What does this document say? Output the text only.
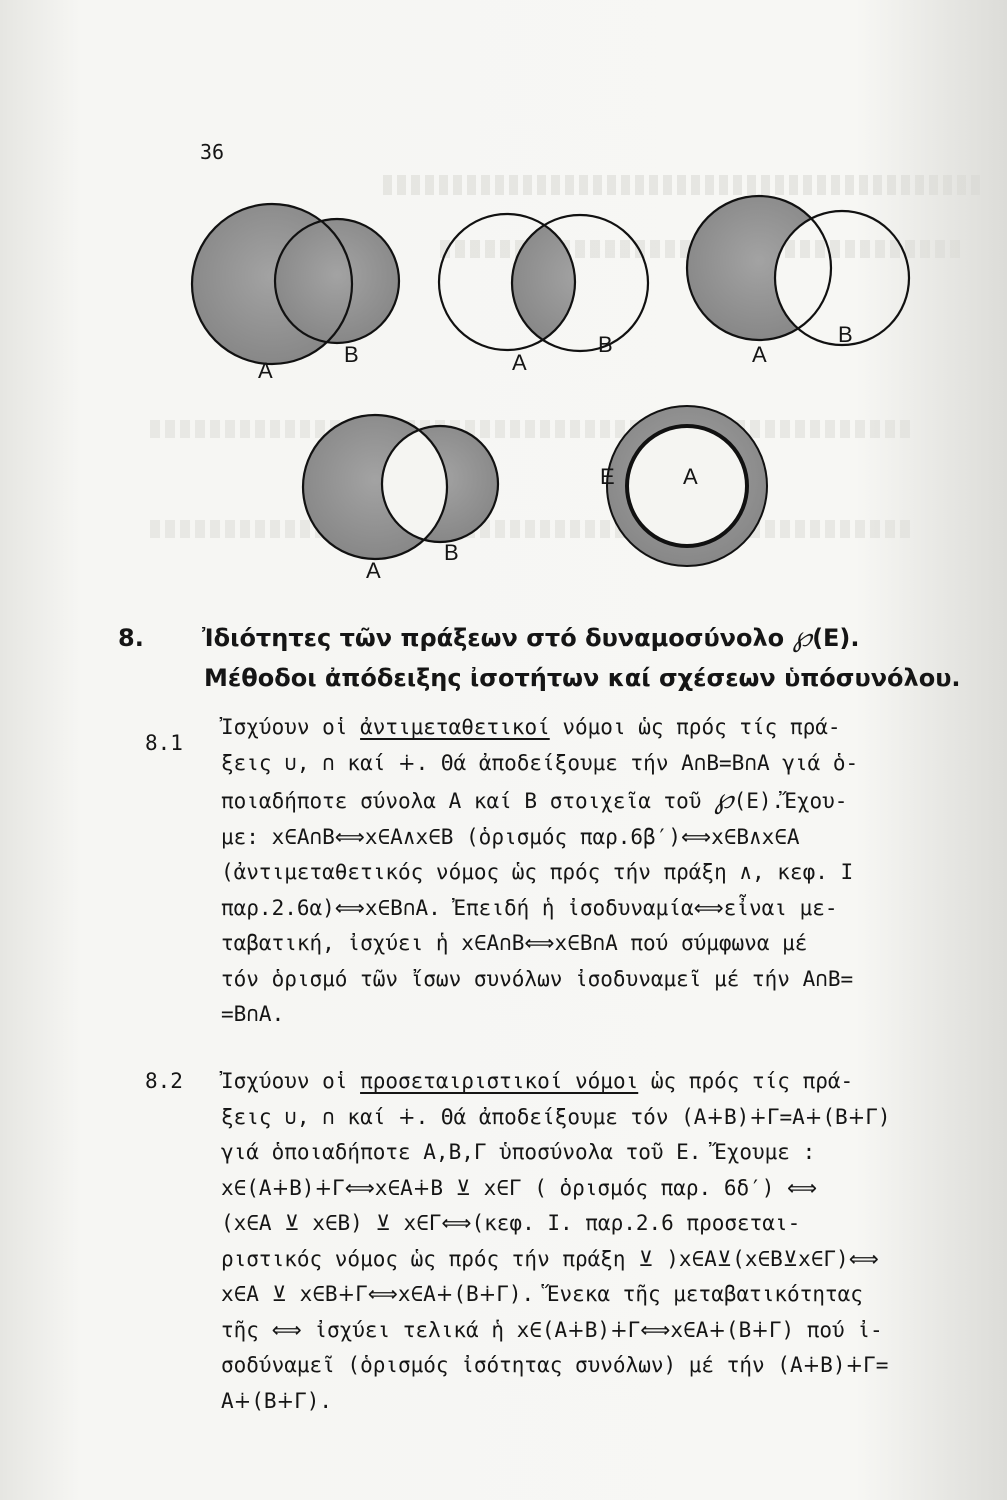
36
A
B	A
B	A
B
A
B
E	A
8. Ἰδιότητες τῶν πράξεων στό δυναμοσύνολο ℘(Ε).
Μέθοδοι ἀπόδειξης ἰσοτήτων καί σχέσεων ὑπόσυνόλου.
8.1
Ἰσχύουν οἱ ἀντιμεταθετικοί νόμοι ὡς πρός τίς πρά-
ξεις ∪, ∩ καί ∔. Θά ἀποδείξουμε τήν Α∩Β=Β∩Α γιά ὁ-
ποιαδήποτε σύνολα Α καί Β στοιχεῖα τοῦ ℘(Ε).Ἔχου-
με: x∈Α∩Β⟺x∈Α∧x∈Β (ὁρισμός παρ.6β′)⟺x∈Β∧x∈Α
(ἀντιμεταθετικός νόμος ὡς πρός τήν πράξη ∧, κεφ. Ι
παρ.2.6α)⟺x∈Β∩Α. Ἐπειδή ἡ ἰσοδυναμία⟺εἶναι με-
ταβατική, ἰσχύει ἡ x∈Α∩Β⟺x∈Β∩Α πού σύμφωνα μέ
τόν ὁρισμό τῶν ἴσων συνόλων ἰσοδυναμεῖ μέ τήν Α∩Β=
=Β∩Α.
8.2	Ἰσχύουν οἱ προσεταιριστικοί νόμοι ὡς πρός τίς πρά-
ξεις ∪, ∩ καί ∔. Θά ἀποδείξουμε τόν (Α∔Β)∔Γ=Α∔(Β∔Γ)
γιά ὁποιαδήποτε Α,Β,Γ ὑποσύνολα τοῦ Ε. Ἔχουμε :
x∈(Α∔Β)∔Γ⟺x∈Α∔Β ⊻ x∈Γ ( ὁρισμός παρ. 6δ′) ⟺
(x∈Α ⊻ x∈Β) ⊻ x∈Γ⟺(κεφ. Ι. παρ.2.6 προσεται-
ριστικός νόμος ὡς πρός τήν πράξη ⊻ )x∈Α⊻(x∈Β⊻x∈Γ)⟺
x∈Α ⊻ x∈Β∔Γ⟺x∈Α∔(Β∔Γ). Ἕνεκα τῆς μεταβατικότητας
τῆς ⟺ ἰσχύει τελικά ἡ x∈(Α∔Β)∔Γ⟺x∈Α∔(Β∔Γ) πού ἰ-
σοδύναμεῖ (ὁρισμός ἰσότητας συνόλων) μέ τήν (Α∔Β)∔Γ=
Α∔(Β∔Γ).
